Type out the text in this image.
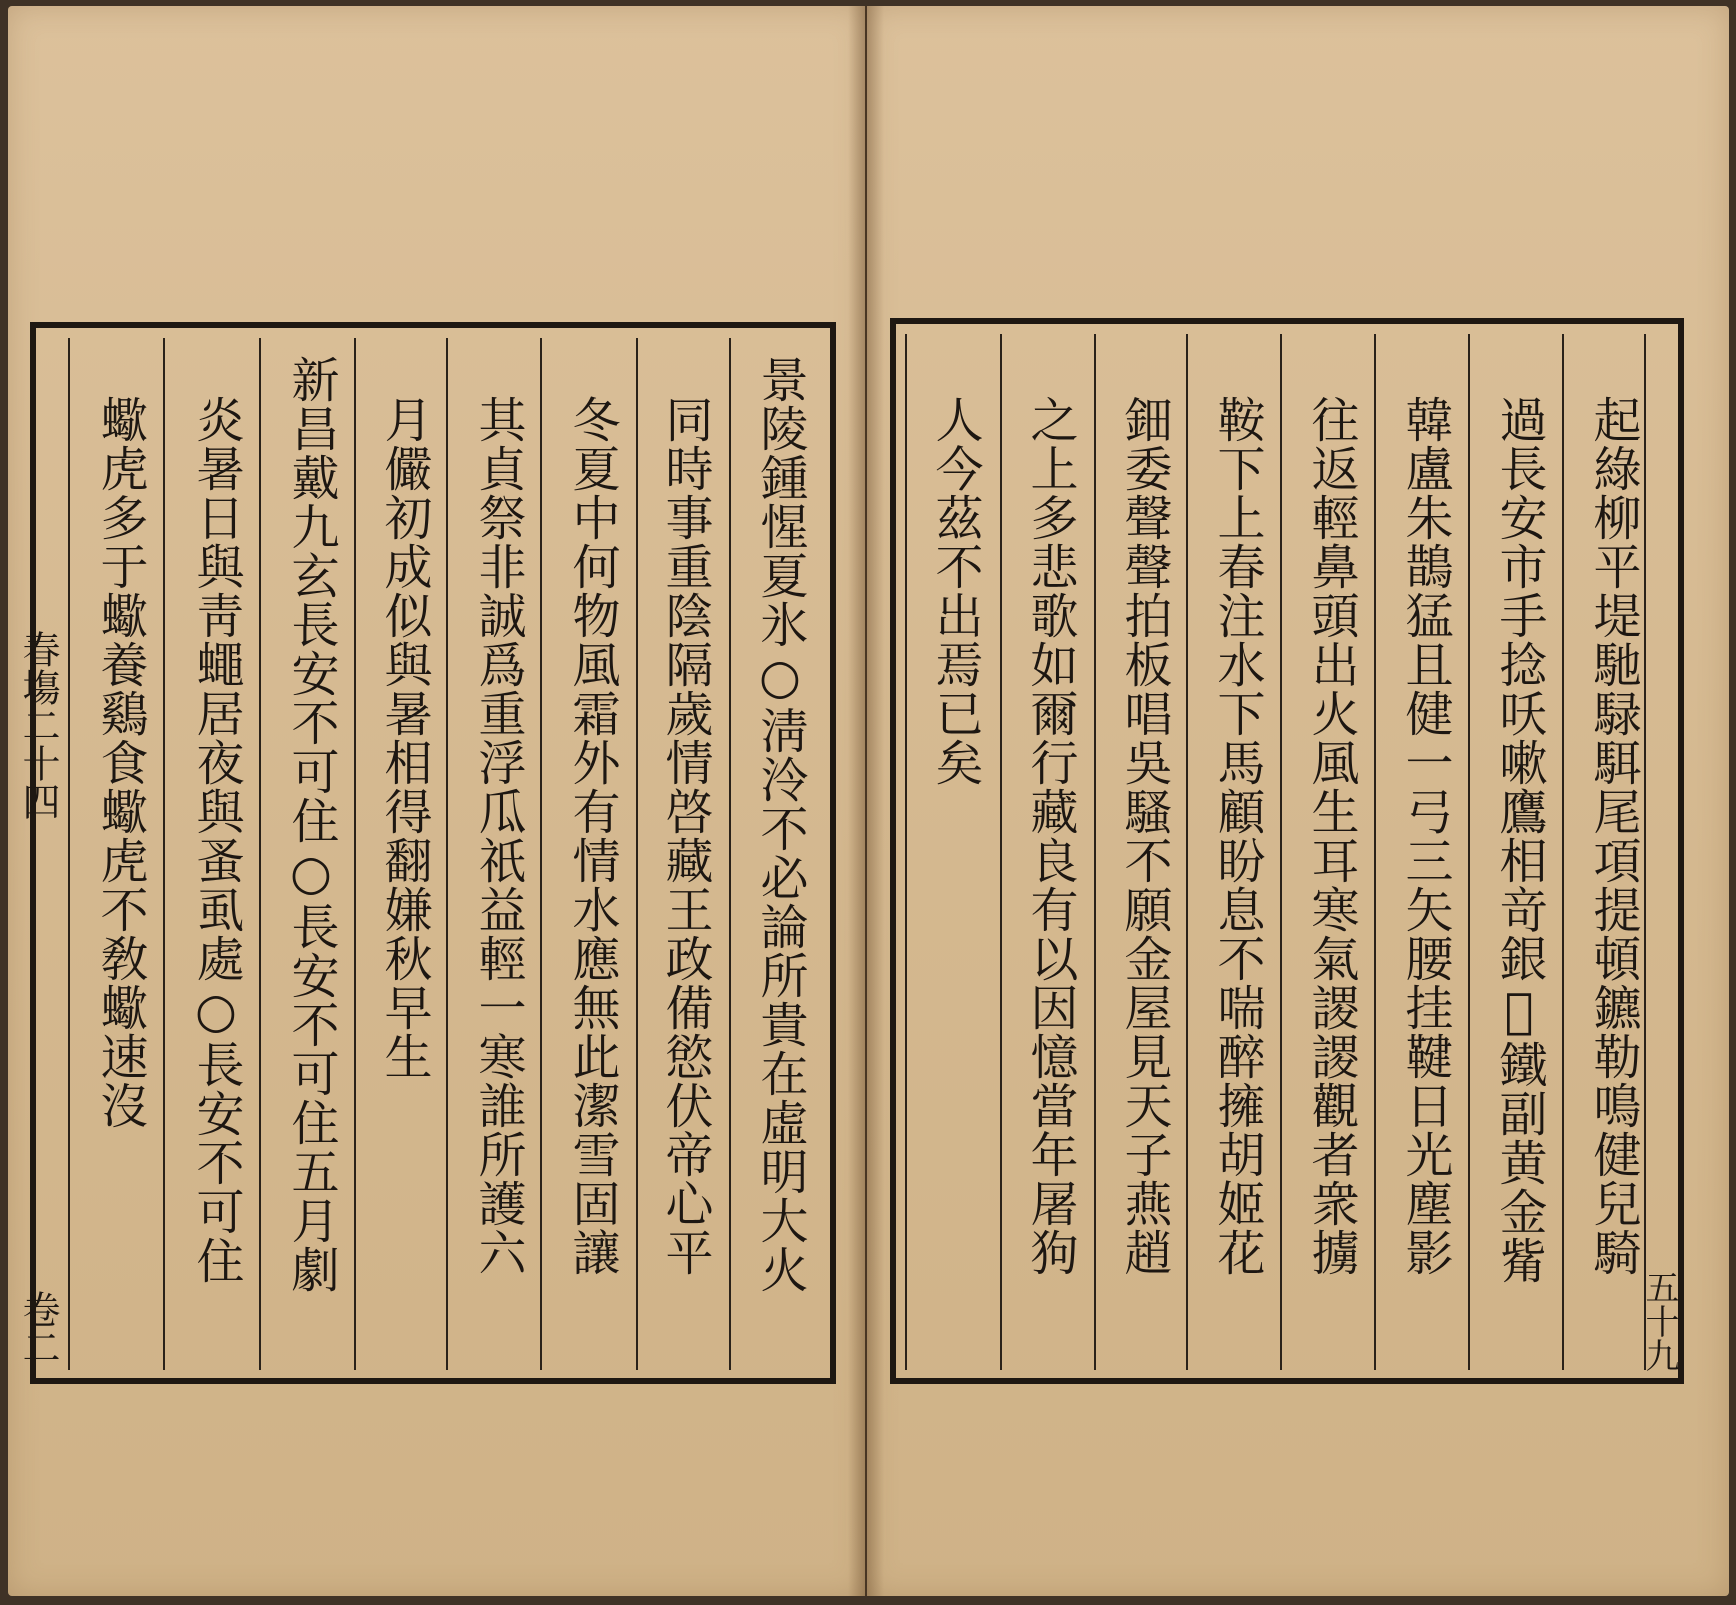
春塲二十四
卷二
景陵鍾惺夏氷○淸泠不必論所貴在虛明大火
同時事重陰隔歲情啓藏王政備慾伏帝心平
冬夏中何物風霜外有情水應無此潔雪固讓
其貞祭非誠爲重浮瓜祇益輕一寒誰所護六
月儼初成似與暑相得翻嫌秋早生
新昌戴九玄長安不可住○長安不可住五月劇
炎暑日與靑蠅居夜與蚤虱處○長安不可住
蠍虎多于蠍養鷄食蠍虎不敎蠍速沒
五十九
起綠柳平堤馳騄駬尾項提頓鑣勒鳴健兒騎
過長安市手捻㕭嗽鷹相竒銀𩦿鐵副黄金觜
韓盧朱鵲猛且健一弓三矢腰挂鞬日光塵影
往返輕鼻頭出火風生耳寒氣謖謖觀者衆擄
鞍下上春注水下馬顧盼息不喘醉擁胡姬花
鈿委聲聲拍板唱吳騷不願金屋見天子燕趙
之上多悲歌如爾行藏良有以因憶當年屠狗
人今茲不出焉已矣
